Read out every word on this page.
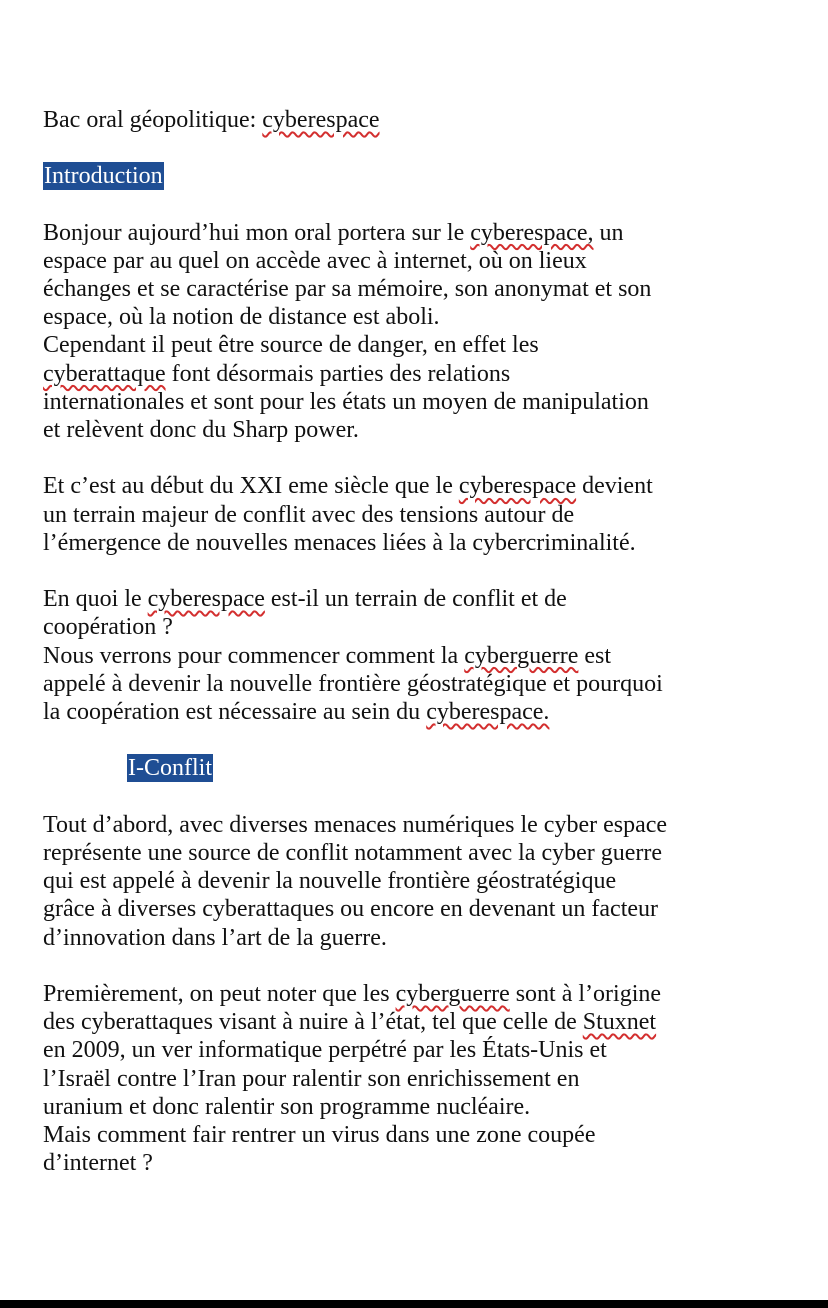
Bac oral géopolitique: cyberespace
Introduction
Bonjour aujourd’hui mon oral portera sur le cyberespace, un
espace par au quel on accède avec à internet, où on lieux
échanges et se caractérise par sa mémoire, son anonymat et son
espace, où la notion de distance est aboli.
Cependant il peut être source de danger, en effet les
cyberattaque font désormais parties des relations
internationales et sont pour les états un moyen de manipulation
et relèvent donc du Sharp power.
Et c’est au début du XXI eme siècle que le cyberespace devient
un terrain majeur de conflit avec des tensions autour de
l’émergence de nouvelles menaces liées à la cybercriminalité.
En quoi le cyberespace est-il un terrain de conflit et de
coopération ?
Nous verrons pour commencer comment la cyberguerre est
appelé à devenir la nouvelle frontière géostratégique et pourquoi
la coopération est nécessaire au sein du cyberespace.
I-Conflit
Tout d’abord, avec diverses menaces numériques le cyber espace
représente une source de conflit notamment avec la cyber guerre
qui est appelé à devenir la nouvelle frontière géostratégique
grâce à diverses cyberattaques ou encore en devenant un facteur
d’innovation dans l’art de la guerre.
Premièrement, on peut noter que les cyberguerre sont à l’origine
des cyberattaques visant à nuire à l’état, tel que celle de Stuxnet
en 2009, un ver informatique perpétré par les États-Unis et
l’Israël contre l’Iran pour ralentir son enrichissement en
uranium et donc ralentir son programme nucléaire.
Mais comment fair rentrer un virus dans une zone coupée
d’internet ?
